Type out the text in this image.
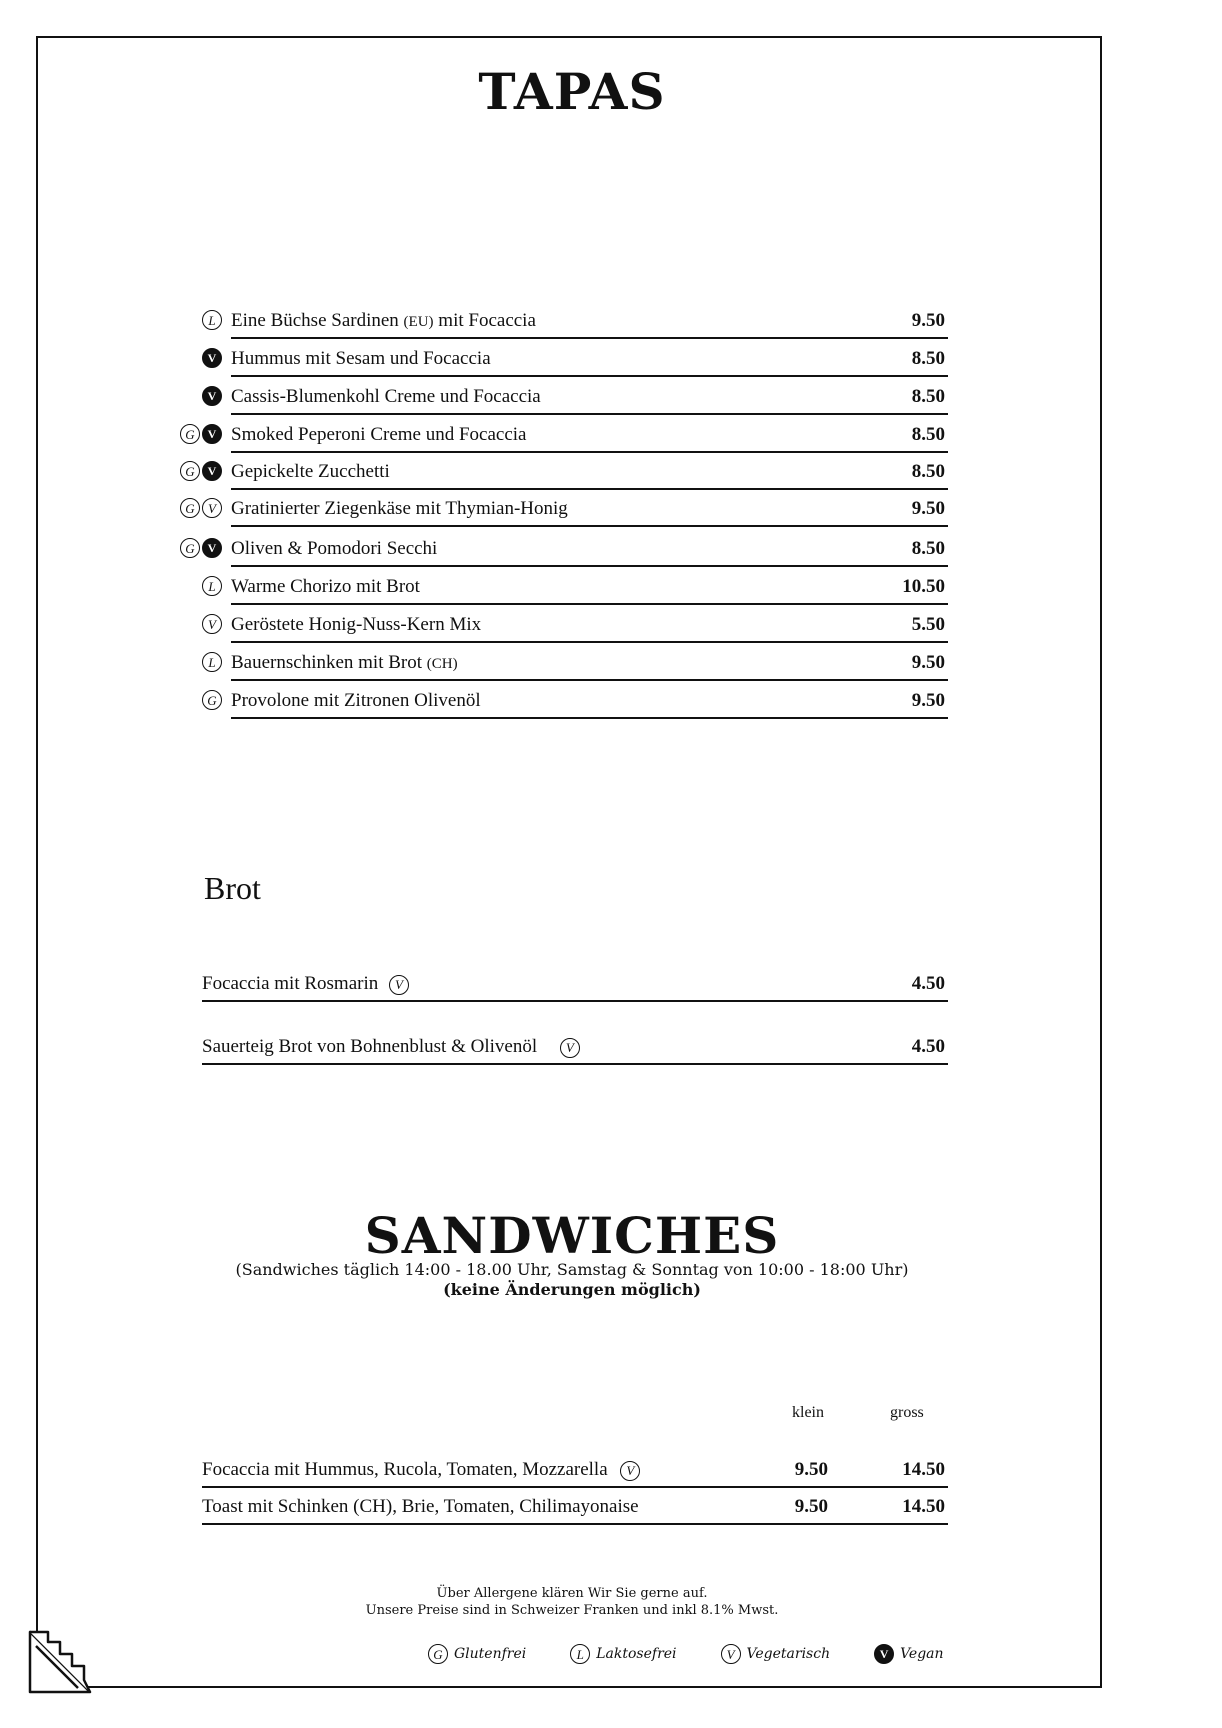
TAPAS
L Eine Büchse Sardinen (EU) mit Focaccia	9.50
V Hummus mit Sesam und Focaccia	8.50
V Cassis-Blumenkohl Creme und Focaccia	8.50
G	V Smoked Peperoni Creme und Focaccia	8.50
G	V Gepickelte Zucchetti	8.50
G	V Gratinierter Ziegenkäse mit Thymian-Honig	9.50
G	V Oliven & Pomodori Secchi	8.50
L Warme Chorizo mit Brot	10.50
V Geröstete Honig-Nuss-Kern Mix	5.50
L Bauernschinken mit Brot (CH)	9.50
G Provolone mit Zitronen Olivenöl	9.50
Brot
Focaccia mit Rosmarin V	4.50
Sauerteig Brot von Bohnenblust & Olivenöl V	4.50
SANDWICHES
(Sandwiches täglich 14:00 - 18.00 Uhr, Samstag & Sonntag von 10:00 - 18:00 Uhr)
(keine Änderungen möglich)
klein	gross
Focaccia mit Hummus, Rucola, Tomaten, Mozzarella V	9.50	14.50
Toast mit Schinken (CH), Brie, Tomaten, Chilimayonaise	9.50	14.50
Über Allergene klären Wir Sie gerne auf.
Unsere Preise sind in Schweizer Franken und inkl 8.1% Mwst.
G Glutenfrei	L Laktosefrei	V Vegetarisch	V Vegan
